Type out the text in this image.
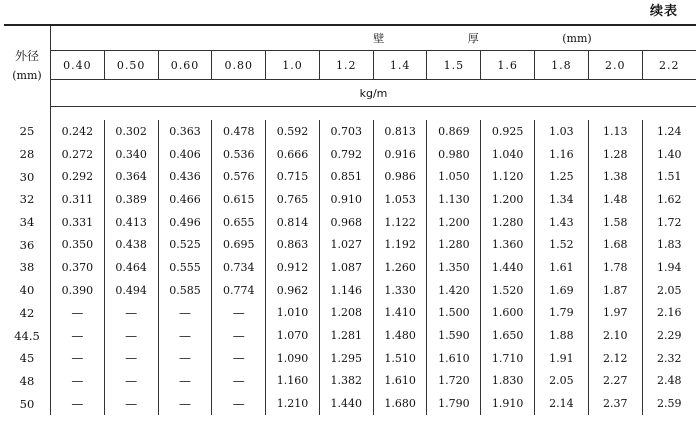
续表
外径
(mm)	壁 厚 (mm)											
	0.40	0.50	0.60	0.80	1.0	1.2	1.4	1.5	1.6	1.8	2.0	2.2
	kg/m											

25	0.242	0.302	0.363	0.478	0.592	0.703	0.813	0.869	0.925	1.03	1.13	1.24
28	0.272	0.340	0.406	0.536	0.666	0.792	0.916	0.980	1.040	1.16	1.28	1.40
30	0.292	0.364	0.436	0.576	0.715	0.851	0.986	1.050	1.120	1.25	1.38	1.51
32	0.311	0.389	0.466	0.615	0.765	0.910	1.053	1.130	1.200	1.34	1.48	1.62
34	0.331	0.413	0.496	0.655	0.814	0.968	1.122	1.200	1.280	1.43	1.58	1.72
36	0.350	0.438	0.525	0.695	0.863	1.027	1.192	1.280	1.360	1.52	1.68	1.83
38	0.370	0.464	0.555	0.734	0.912	1.087	1.260	1.350	1.440	1.61	1.78	1.94
40	0.390	0.494	0.585	0.774	0.962	1.146	1.330	1.420	1.520	1.69	1.87	2.05
42	—	—	—	—	1.010	1.208	1.410	1.500	1.600	1.79	1.97	2.16
44.5	—	—	—	—	1.070	1.281	1.480	1.590	1.650	1.88	2.10	2.29
45	—	—	—	—	1.090	1.295	1.510	1.610	1.710	1.91	2.12	2.32
48	—	—	—	—	1.160	1.382	1.610	1.720	1.830	2.05	2.27	2.48
50	—	—	—	—	1.210	1.440	1.680	1.790	1.910	2.14	2.37	2.59
